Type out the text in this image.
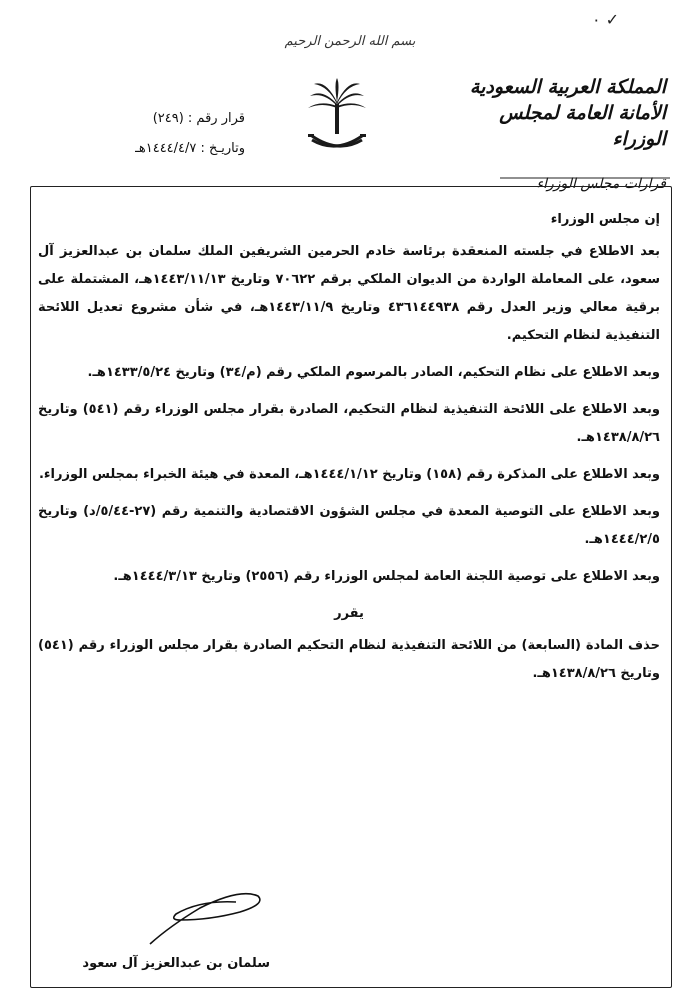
٠ ✓
بسم الله الرحمن الرحيم
قرار رقم : (٢٤٩)
وتاريـخ : ١٤٤٤/٤/٧هـ
المملكة العربية السعودية
الأمانة العامة لمجلس الوزراء
قرارات مجلس الوزراء

إن مجلس الوزراء

بعد الاطلاع في جلسته المنعقدة برئاسة خادم الحرمين الشريفين الملك سلمان بن عبدالعزيز آل سعود، على المعاملة الواردة من الديوان الملكي برقم ٧٠٦٢٢ وتاريخ ١٤٤٣/١١/١٣هـ، المشتملة على برقية معالي وزير العدل رقم ٤٣٦١٤٤٩٣٨ وتاريخ ١٤٤٣/١١/٩هـ، في شأن مشروع تعديل اللائحة التنفيذية لنظام التحكيم.

وبعد الاطلاع على نظام التحكيم، الصادر بالمرسوم الملكي رقم (م/٣٤) وتاريخ ١٤٣٣/٥/٢٤هـ.

وبعد الاطلاع على اللائحة التنفيذية لنظام التحكيم، الصادرة بقرار مجلس الوزراء رقم (٥٤١) وتاريخ ١٤٣٨/٨/٢٦هـ.

وبعد الاطلاع على المذكرة رقم (١٥٨) وتاريخ ١٤٤٤/١/١٢هـ، المعدة في هيئة الخبراء بمجلس الوزراء.

وبعد الاطلاع على التوصية المعدة في مجلس الشؤون الاقتصادية والتنمية رقم (٢٧-٥/٤٤/د) وتاريخ ١٤٤٤/٢/٥هـ.

وبعد الاطلاع على توصية اللجنة العامة لمجلس الوزراء رقم (٢٥٥٦) وتاريخ ١٤٤٤/٣/١٣هـ.

يقرر

حذف المادة (السابعة) من اللائحة التنفيذية لنظام التحكيم الصادرة بقرار مجلس الوزراء رقم (٥٤١) وتاريخ ١٤٣٨/٨/٢٦هـ.

سلمان بن عبدالعزيز آل سعود
